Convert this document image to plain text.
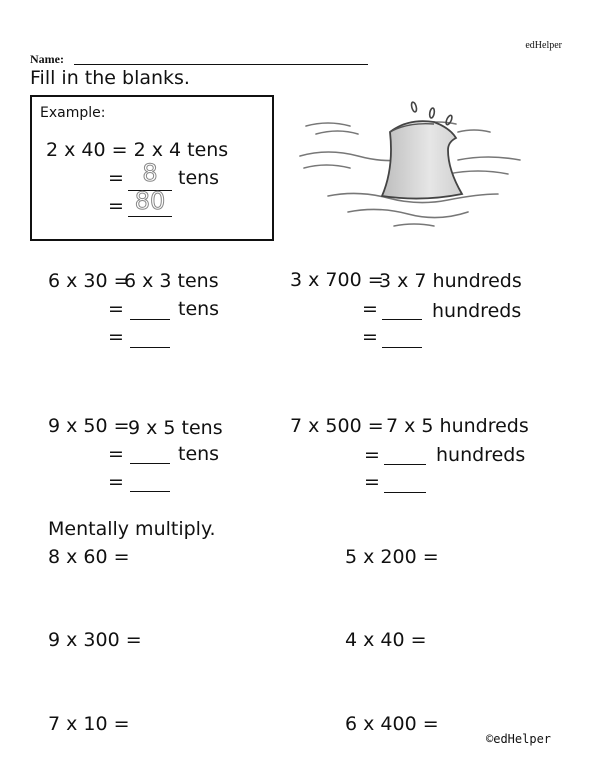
edHelper
Name:
Fill in the blanks.
Example:
2 x 40 = 2 x 4 tens
= 8	tens
= 80
6 x 30 =
6 x 3 tens
=	tens
=
3 x 700 =
3 x 7 hundreds
=	hundreds
=
9 x 50 =
9 x 5 tens
=	tens
=
7 x 500 = 7 x 5 hundreds
=	hundreds
=
Mentally multiply.
8 x 60 =	5 x 200 =
9 x 300 =	4 x 40 =
7 x 10 =	6 x 400 =
©edHelper
